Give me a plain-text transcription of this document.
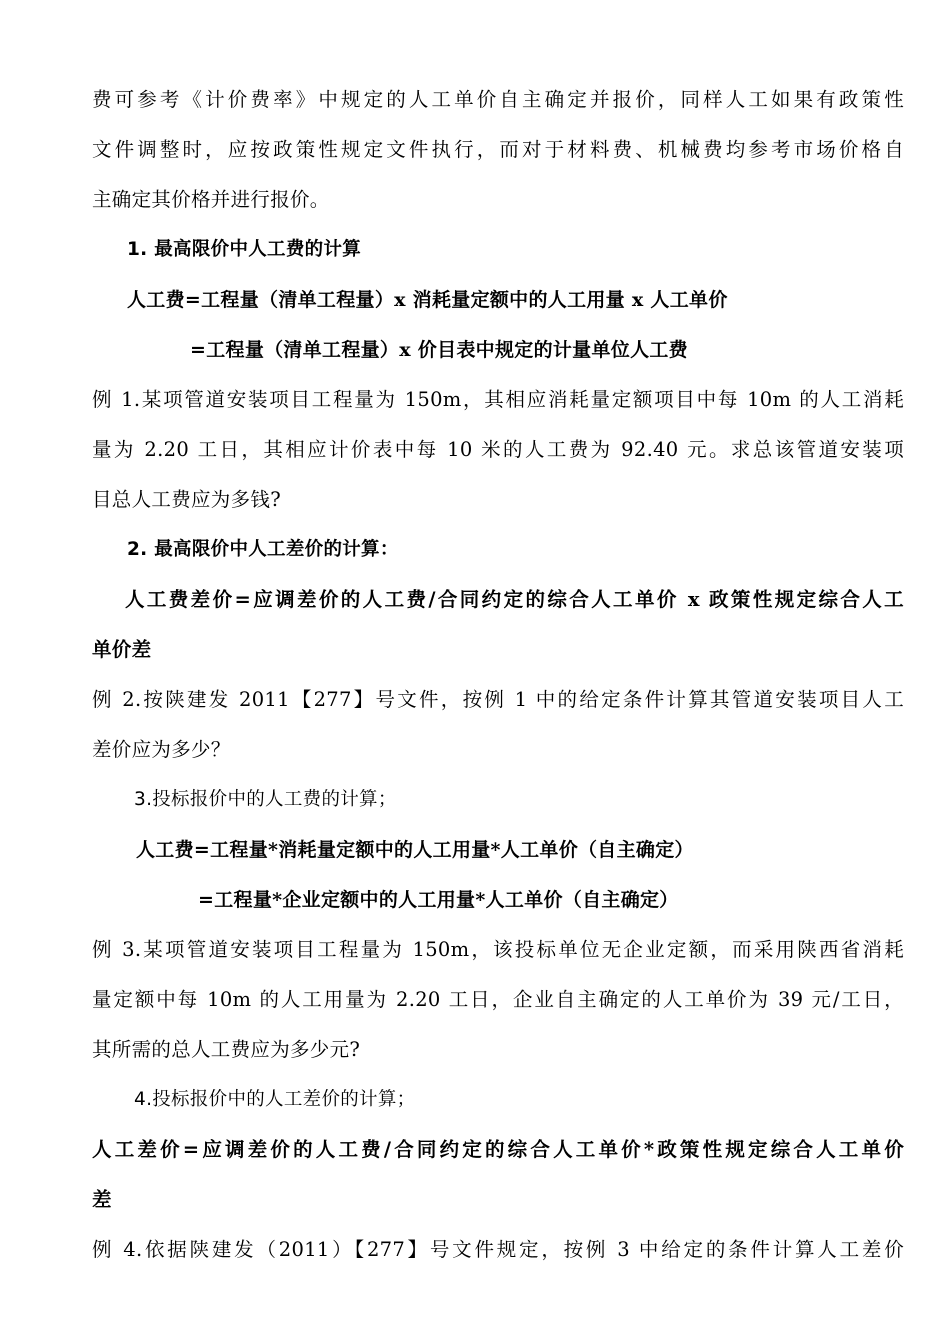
费可参考《计价费率》中规定的人工单价自主确定并报价，同样人工如果有政策性
文件调整时，应按政策性规定文件执行，而对于材料费、机械费均参考市场价格自
主确定其价格并进行报价。
1. 最高限价中人工费的计算
人工费=工程量（清单工程量）x 消耗量定额中的人工用量 x 人工单价
=工程量（清单工程量）x 价目表中规定的计量单位人工费
例 1.某项管道安装项目工程量为 150m，其相应消耗量定额项目中每 10m 的人工消耗
量为 2.20 工日，其相应计价表中每 10 米的人工费为 92.40 元。求总该管道安装项
目总人工费应为多钱?
2. 最高限价中人工差价的计算：
人工费差价=应调差价的人工费/合同约定的综合人工单价 x 政策性规定综合人工
单价差
例 2.按陕建发 2011【277】号文件，按例 1 中的给定条件计算其管道安装项目人工
差价应为多少？
3.投标报价中的人工费的计算；
人工费=工程量*消耗量定额中的人工用量*人工单价（自主确定）
=工程量*企业定额中的人工用量*人工单价（自主确定）
例 3.某项管道安装项目工程量为 150m，该投标单位无企业定额，而采用陕西省消耗
量定额中每 10m 的人工用量为 2.20 工日，企业自主确定的人工单价为 39 元/工日，
其所需的总人工费应为多少元?
4.投标报价中的人工差价的计算；
人工差价=应调差价的人工费/合同约定的综合人工单价*政策性规定综合人工单价
差
例 4.依据陕建发（2011）【277】号文件规定，按例 3 中给定的条件计算人工差价
